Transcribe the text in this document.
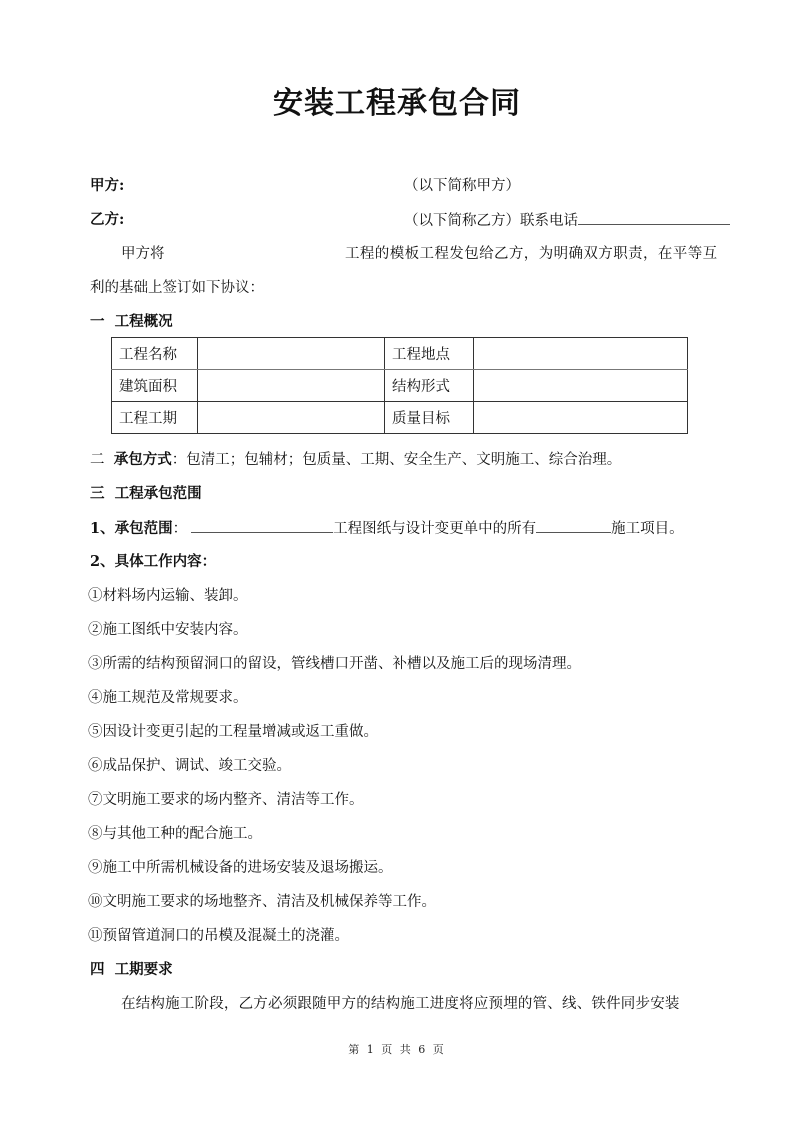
安装工程承包合同
甲方:	（以下简称甲方）
乙方:	（以下简称乙方）联系电话
甲方将	工程的模板工程发包给乙方，为明确双方职责，在平等互
利的基础上签订如下协议：
一  工程概况
工程名称		工程地点	
建筑面积		结构形式	
工程工期		质量目标	
二  承包方式：包清工；包辅材；包质量、工期、安全生产、文明施工、综合治理。
三  工程承包范围
1、承包范围：	工程图纸与设计变更单中的所有	施工项目。
2、具体工作内容：
①材料场内运输、装卸。
②施工图纸中安装内容。
③所需的结构预留洞口的留设，管线槽口开凿、补槽以及施工后的现场清理。
④施工规范及常规要求。
⑤因设计变更引起的工程量增减或返工重做。
⑥成品保护、调试、竣工交验。
⑦文明施工要求的场内整齐、清洁等工作。
⑧与其他工种的配合施工。
⑨施工中所需机械设备的进场安装及退场搬运。
⑩文明施工要求的场地整齐、清洁及机械保养等工作。
⑪预留管道洞口的吊模及混凝土的浇灌。
四  工期要求
在结构施工阶段，乙方必须跟随甲方的结构施工进度将应预埋的管、线、铁件同步安装
第 1 页 共 6 页
